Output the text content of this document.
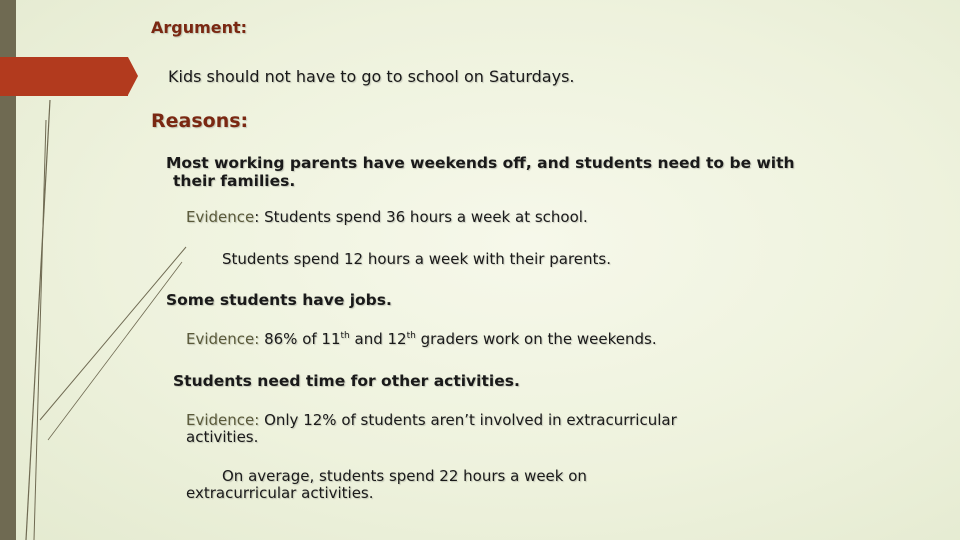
Argument:
Kids should not have to go to school on Saturdays.
Reasons:
Most working parents have weekends off, and students need to be with
their families.
Evidence: Students spend 36 hours a week at school.
Students spend 12 hours a week with their parents.
Some students have jobs.
Evidence: 86% of 11th and 12th graders work on the weekends.
Students need time for other activities.
Evidence: Only 12% of students aren’t involved in extracurricular
activities.
On average, students spend 22 hours a week on
extracurricular activities.
